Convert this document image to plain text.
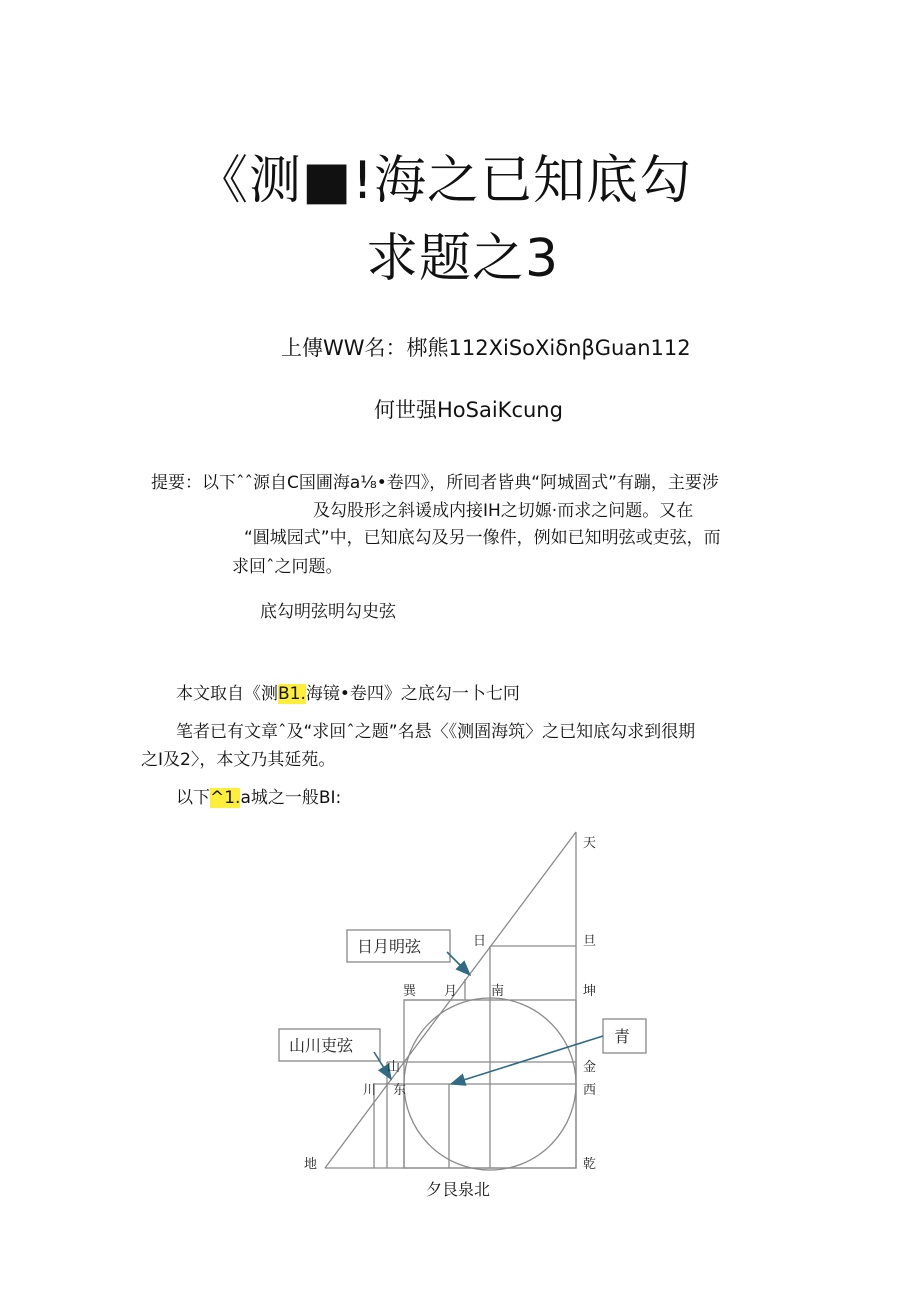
《测■!海之已知底勾
求题之3
上傳WW名：梆熊112XiSoXiδnβGuan112
何世强HoSaiKcung
提要：以下ˆˆ源自C国圃海a⅛•卷四》，所囘者皆典“阿城圄式”有蹦，主要涉
及勾股形之斜谖成内接IH之切嫄·而求之问题。又在
“圓城园式”中，已知底勾及另一像件，例如已知明弦或吏弦，而
求回ˆ之冋题。
底勾明弦明勾史弦
本文取自《测B1.海镜•卷四》之底勾一卜七冋
笔者已有文章ˆ及“求回ˆ之题”名悬〈《测圄海筑〉之已知底勾求到很期
之I及2〉，本文乃其延苑。
以下^1.a城之一般BI:
日月明弦
山川吏弦	青
天
日	旦
巽 月	南	坤
山	金
川 东	西
地	乾
夕艮泉北
